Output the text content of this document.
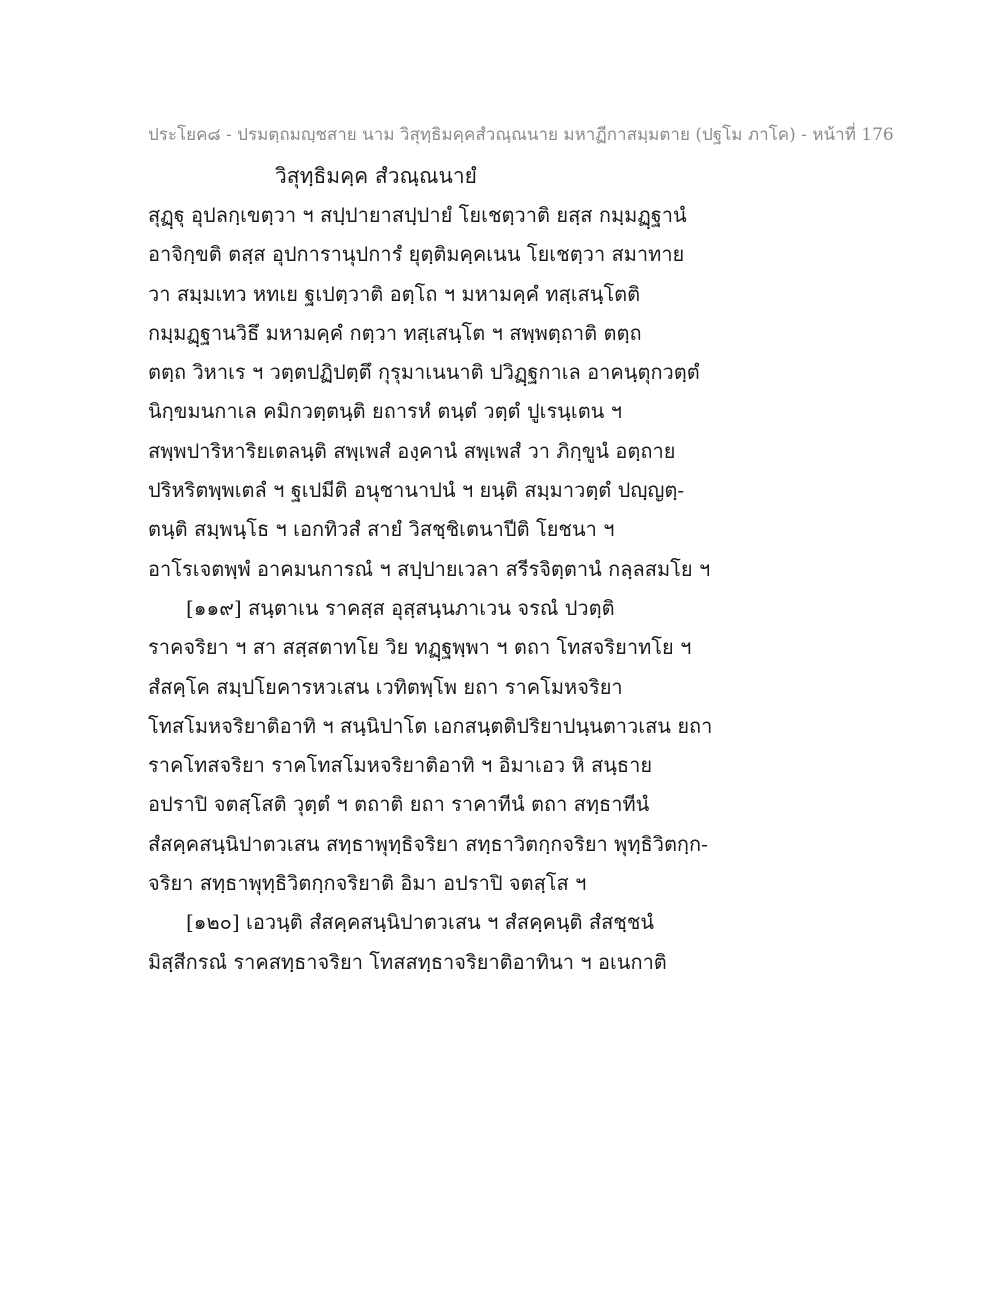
ประโยค๘ - ปรมตฺถมญฺชสาย นาม วิสุทฺธิมคฺคสํวณฺณนาย มหาฏีกาสมฺมตาย (ปฐโม ภาโค) - หน้าที่ 176
วิสุทฺธิมคฺค สํวณฺณนายํ
สุฏฺฐุ อุปลกฺเขตฺวา ฯ สปฺปายาสปฺปายํ โยเชตฺวาติ ยสฺส กมฺมฏฺฐานํ
อาจิกฺขติ ตสฺส อุปการานุปการํ ยุตฺติมคฺคเนน โยเชตฺวา สมาทาย
วา สมฺมเทว หทเย ฐเปตฺวาติ อตฺโถ ฯ มหามคฺคํ ทสฺเสนฺโตติ
กมฺมฏฺฐานวิธึ มหามคฺคํ กตฺวา ทสฺเสนฺโต ฯ สพฺพตฺถาติ ตตฺถ
ตตฺถ วิหาเร ฯ วตฺตปฏิปตฺตึ กุรุมาเนนาติ ปวิฏฺฐกาเล อาคนฺตุกวตฺตํ
นิกฺขมนกาเล คมิกวตฺตนฺติ ยถารหํ ตนฺตํ วตฺตํ ปูเรนฺเตน ฯ
สพฺพปาริหาริยเตลนฺติ สพฺเพสํ องฺคานํ สพฺเพสํ วา ภิกฺขูนํ อตฺถาย
ปริหริตพฺพเตลํ ฯ ฐเปมีติ อนุชานาปนํ ฯ ยนฺติ สมฺมาวตฺตํ ปญฺญตฺ-
ตนฺติ สมฺพนฺโธ ฯ เอกทิวสํ สายํ วิสชฺชิเตนาปีติ โยชนา ฯ
อาโรเจตพฺพํ อาคมนการณํ ฯ สปฺปายเวลา สรีรจิตฺตานํ กลฺลสมโย ฯ
[๑๑๙] สนฺตาเน ราคสฺส อุสฺสนฺนภาเวน จรณํ ปวตฺติ
ราคจริยา ฯ สา สสฺสตาทโย วิย ทฏฺฐพฺพา ฯ ตถา โทสจริยาทโย ฯ
สํสคฺโค สมฺปโยคารหวเสน เวทิตพฺโพ ยถา ราคโมหจริยา
โทสโมหจริยาติอาทิ ฯ สนฺนิปาโต เอกสนฺตติปริยาปนฺนตาวเสน ยถา
ราคโทสจริยา ราคโทสโมหจริยาติอาทิ ฯ อิมาเอว หิ สนฺธาย
อปราปิ จตสฺโสติ วุตฺตํ ฯ ตถาติ ยถา ราคาทีนํ ตถา สทฺธาทีนํ
สํสคฺคสนฺนิปาตวเสน สทฺธาพุทฺธิจริยา สทฺธาวิตกฺกจริยา พุทฺธิวิตกฺก-
จริยา สทฺธาพุทฺธิวิตกฺกจริยาติ อิมา อปราปิ จตสฺโส ฯ
[๑๒๐] เอวนฺติ สํสคฺคสนฺนิปาตวเสน ฯ สํสคฺคนฺติ สํสชฺชนํ
มิสฺสีกรณํ ราคสทฺธาจริยา โทสสทฺธาจริยาติอาทินา ฯ อเนกาติ
